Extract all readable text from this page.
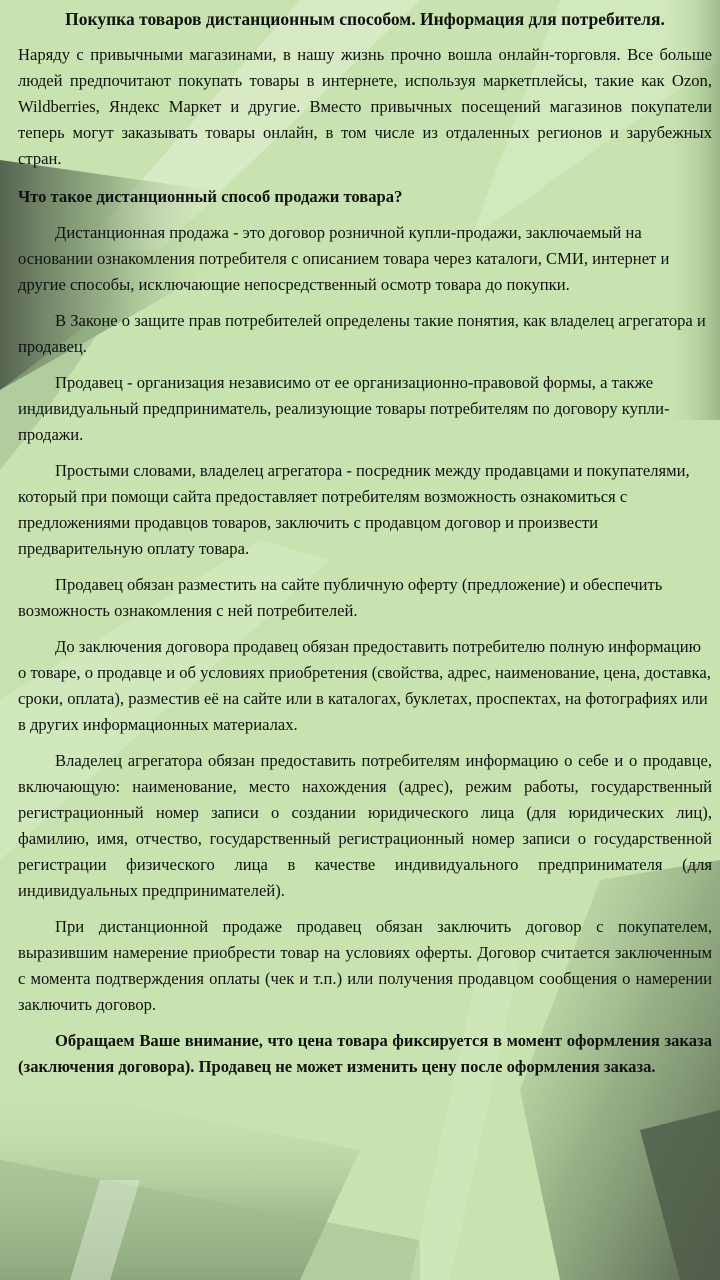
Покупка товаров дистанционным способом. Информация для потребителя.

Наряду с привычными магазинами, в нашу жизнь прочно вошла онлайн-торговля. Все больше людей предпочитают покупать товары в интернете, используя маркетплейсы, такие как Ozon, Wildberries, Яндекс Маркет и другие. Вместо привычных посещений магазинов покупатели теперь могут заказывать товары онлайн, в том числе из отдаленных регионов и зарубежных стран.

Что такое дистанционный способ продажи товара?

Дистанционная продажа - это договор розничной купли-продажи, заключаемый на основании ознакомления потребителя с описанием товара через каталоги, СМИ, интернет и другие способы, исключающие непосредственный осмотр товара до покупки.

В Законе о защите прав потребителей определены такие понятия, как владелец агрегатора и продавец.

Продавец - организация независимо от ее организационно-правовой формы, а также индивидуальный предприниматель, реализующие товары потребителям по договору купли-продажи.

Простыми словами, владелец агрегатора - посредник между продавцами и покупателями, который при помощи сайта предоставляет потребителям возможность ознакомиться с предложениями продавцов товаров, заключить с продавцом договор и произвести предварительную оплату товара.

Продавец обязан разместить на сайте публичную оферту (предложение) и обеспечить возможность ознакомления с ней потребителей.

До заключения договора продавец обязан предоставить потребителю полную информацию о товаре, о продавце и об условиях приобретения (свойства, адрес, наименование, цена, доставка, сроки, оплата), разместив её на сайте или в каталогах, буклетах, проспектах, на фотографиях или в других информационных материалах.

Владелец агрегатора обязан предоставить потребителям информацию о себе и о продавце, включающую: наименование, место нахождения (адрес), режим работы, государственный регистрационный номер записи о создании юридического лица (для юридических лиц), фамилию, имя, отчество, государственный регистрационный номер записи о государственной регистрации физического лица в качестве индивидуального предпринимателя (для индивидуальных предпринимателей).

При дистанционной продаже продавец обязан заключить договор с покупателем, выразившим намерение приобрести товар на условиях оферты. Договор считается заключенным с момента подтверждения оплаты (чек и т.п.) или получения продавцом сообщения о намерении заключить договор.

Обращаем Ваше внимание, что цена товара фиксируется в момент оформления заказа (заключения договора). Продавец не может изменить цену после оформления заказа.
